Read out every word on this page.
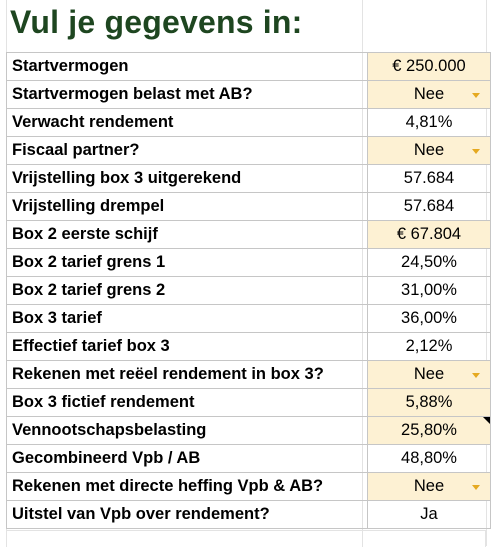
Vul je gegevens in:
Startvermogen	€ 250.000
Startvermogen belast met AB?	Nee

Verwacht rendement	4,81%
Fiscaal partner?	Nee

Vrijstelling box 3 uitgerekend	57.684
Vrijstelling drempel	57.684
Box 2 eerste schijf	€ 67.804
Box 2 tarief grens 1	24,50%
Box 2 tarief grens 2	31,00%
Box 3 tarief	36,00%
Effectief tarief box 3	2,12%
Rekenen met reëel rendement in box 3?	Nee

Box 3 fictief rendement	5,88%
Vennootschapsbelasting	25,80%

Gecombineerd Vpb / AB	48,80%
Rekenen met directe heffing Vpb & AB?	Nee

Uitstel van Vpb over rendement?	Ja
